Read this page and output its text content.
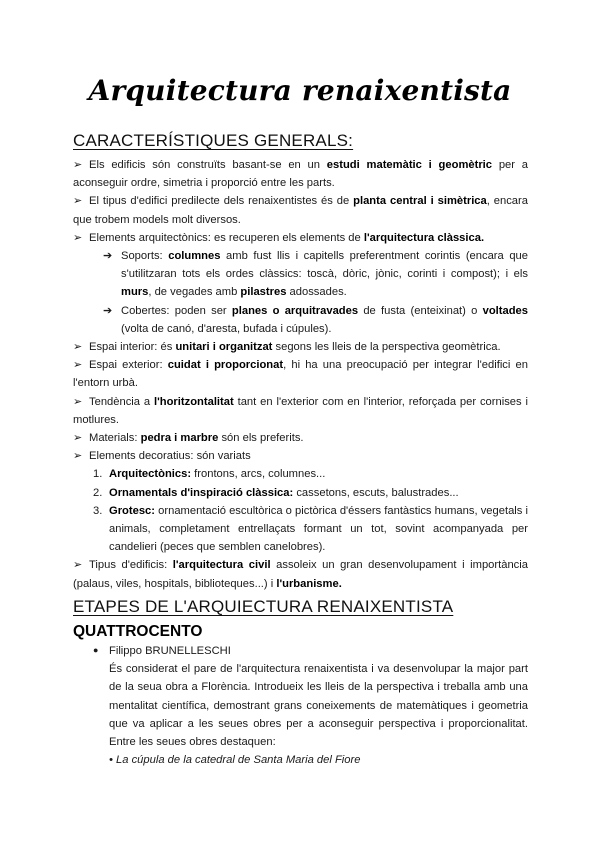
Arquitectura renaixentista
CARACTERÍSTIQUES GENERALS:

➢ Els edificis són construïts basant-se en un estudi matemàtic i geomètric per a aconseguir ordre, simetria i proporció entre les parts.

➢ El tipus d'edifici predilecte dels renaixentistes és de planta central i simètrica, encara que trobem models molt diversos.

➢ Elements arquitectònics: es recuperen els elements de l'arquitectura clàssica.

➔ Soports: columnes amb fust llis i capitells preferentment corintis (encara que s'utilitzaran tots els ordes clàssics: toscà, dòric, jònic, corinti i compost); i els murs, de vegades amb pilastres adossades.

➔ Cobertes: poden ser planes o arquitravades de fusta (enteixinat) o voltades (volta de canó, d'aresta, bufada i cúpules).

➢ Espai interior: és unitari i organitzat segons les lleis de la perspectiva geomètrica.

➢ Espai exterior: cuidat i proporcionat, hi ha una preocupació per integrar l'edifici en l'entorn urbà.

➢ Tendència a l'horitzontalitat tant en l'exterior com en l'interior, reforçada per cornises i motlures.

➢ Materials: pedra i marbre són els preferits.

➢ Elements decoratius: són variats

1. Arquitectònics: frontons, arcs, columnes...

2. Ornamentals d'inspiració clàssica: cassetons, escuts, balustrades...

3. Grotesc: ornamentació escultòrica o pictòrica d'éssers fantàstics humans, vegetals i animals, completament entrellaçats formant un tot, sovint acompanyada per candelieri (peces que semblen canelobres).

➢ Tipus d'edificis: l'arquitectura civil assoleix un gran desenvolupament i importància (palaus, viles, hospitals, biblioteques...) i l'urbanisme.

ETAPES DE L'ARQUIECTURA RENAIXENTISTA
QUATTROCENTO

● Filippo BRUNELLESCHI

És considerat el pare de l'arquitectura renaixentista i va desenvolupar la major part de la seua obra a Florència. Introdueix les lleis de la perspectiva i treballa amb una mentalitat científica, demostrant grans coneixements de matemàtiques i geometria que va aplicar a les seues obres per a aconseguir perspectiva i proporcionalitat. Entre les seues obres destaquen:

• La cúpula de la catedral de Santa Maria del Fiore
